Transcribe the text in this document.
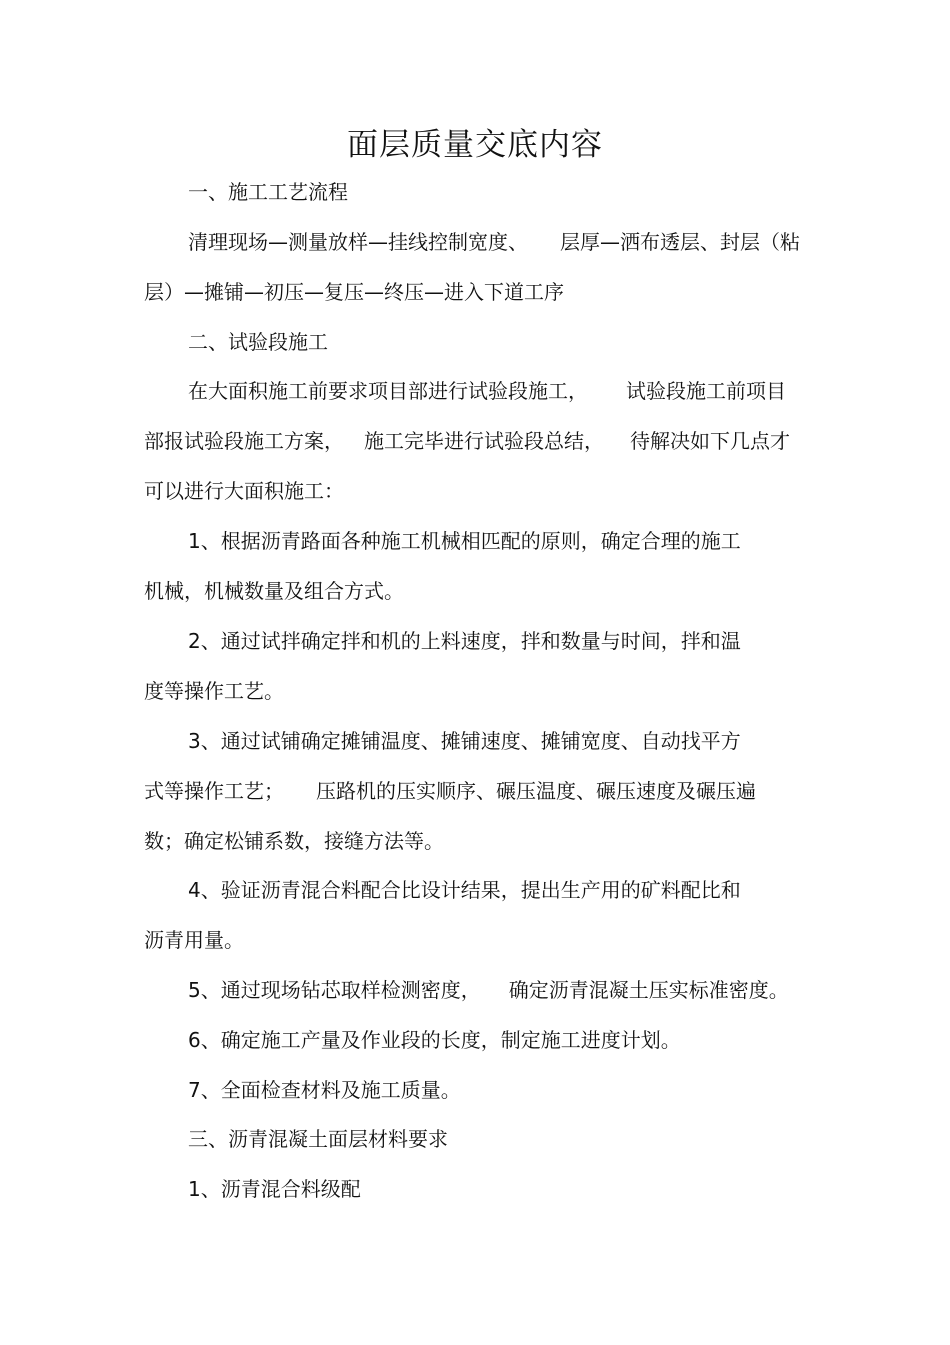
面层质量交底内容
一、施工工艺流程
清理现场—测量放样—挂线控制宽度、 层厚—洒布透层、封层（粘
层）—摊铺—初压—复压—终压—进入下道工序
二、试验段施工
在大面积施工前要求项目部进行试验段施工， 试验段施工前项目
部报试验段施工方案， 施工完毕进行试验段总结， 待解决如下几点才
可以进行大面积施工：
1、根据沥青路面各种施工机械相匹配的原则，确定合理的施工
机械，机械数量及组合方式。
2、通过试拌确定拌和机的上料速度，拌和数量与时间，拌和温
度等操作工艺。
3、通过试铺确定摊铺温度、摊铺速度、摊铺宽度、自动找平方
式等操作工艺； 压路机的压实顺序、碾压温度、碾压速度及碾压遍
数；确定松铺系数，接缝方法等。
4、验证沥青混合料配合比设计结果，提出生产用的矿料配比和
沥青用量。
5、通过现场钻芯取样检测密度， 确定沥青混凝土压实标准密度。
6、确定施工产量及作业段的长度，制定施工进度计划。
7、全面检查材料及施工质量。
三、沥青混凝土面层材料要求
1、沥青混合料级配
